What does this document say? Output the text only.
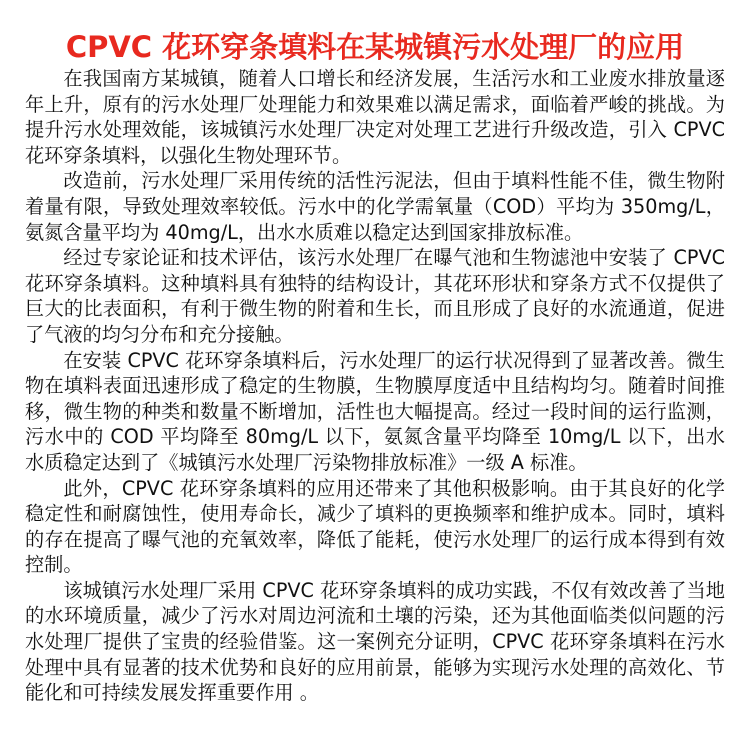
CPVC 花环穿条填料在某城镇污水处理厂的应用

在我国南方某城镇，随着人口增长和经济发展，生活污水和工业废水排放量逐年上升，原有的污水处理厂处理能力和效果难以满足需求，面临着严峻的挑战。为提升污水处理效能，该城镇污水处理厂决定对处理工艺进行升级改造，引入 CPVC 花环穿条填料，以强化生物处理环节。

改造前，污水处理厂采用传统的活性污泥法，但由于填料性能不佳，微生物附着量有限，导致处理效率较低。污水中的化学需氧量（COD）平均为 350mg/L，氨氮含量平均为 40mg/L，出水水质难以稳定达到国家排放标准。

经过专家论证和技术评估，该污水处理厂在曝气池和生物滤池中安装了 CPVC 花环穿条填料。这种填料具有独特的结构设计，其花环形状和穿条方式不仅提供了巨大的比表面积，有利于微生物的附着和生长，而且形成了良好的水流通道，促进了气液的均匀分布和充分接触。

在安装 CPVC 花环穿条填料后，污水处理厂的运行状况得到了显著改善。微生物在填料表面迅速形成了稳定的生物膜，生物膜厚度适中且结构均匀。随着时间推移，微生物的种类和数量不断增加，活性也大幅提高。经过一段时间的运行监测，污水中的 COD 平均降至 80mg/L 以下，氨氮含量平均降至 10mg/L 以下，出水水质稳定达到了《城镇污水处理厂污染物排放标准》一级 A 标准。

此外，CPVC 花环穿条填料的应用还带来了其他积极影响。由于其良好的化学稳定性和耐腐蚀性，使用寿命长，减少了填料的更换频率和维护成本。同时，填料的存在提高了曝气池的充氧效率，降低了能耗，使污水处理厂的运行成本得到有效控制。

该城镇污水处理厂采用 CPVC 花环穿条填料的成功实践，不仅有效改善了当地的水环境质量，减少了污水对周边河流和土壤的污染，还为其他面临类似问题的污水处理厂提供了宝贵的经验借鉴。这一案例充分证明，CPVC 花环穿条填料在污水处理中具有显著的技术优势和良好的应用前景，能够为实现污水处理的高效化、节能化和可持续发展发挥重要作用 。
